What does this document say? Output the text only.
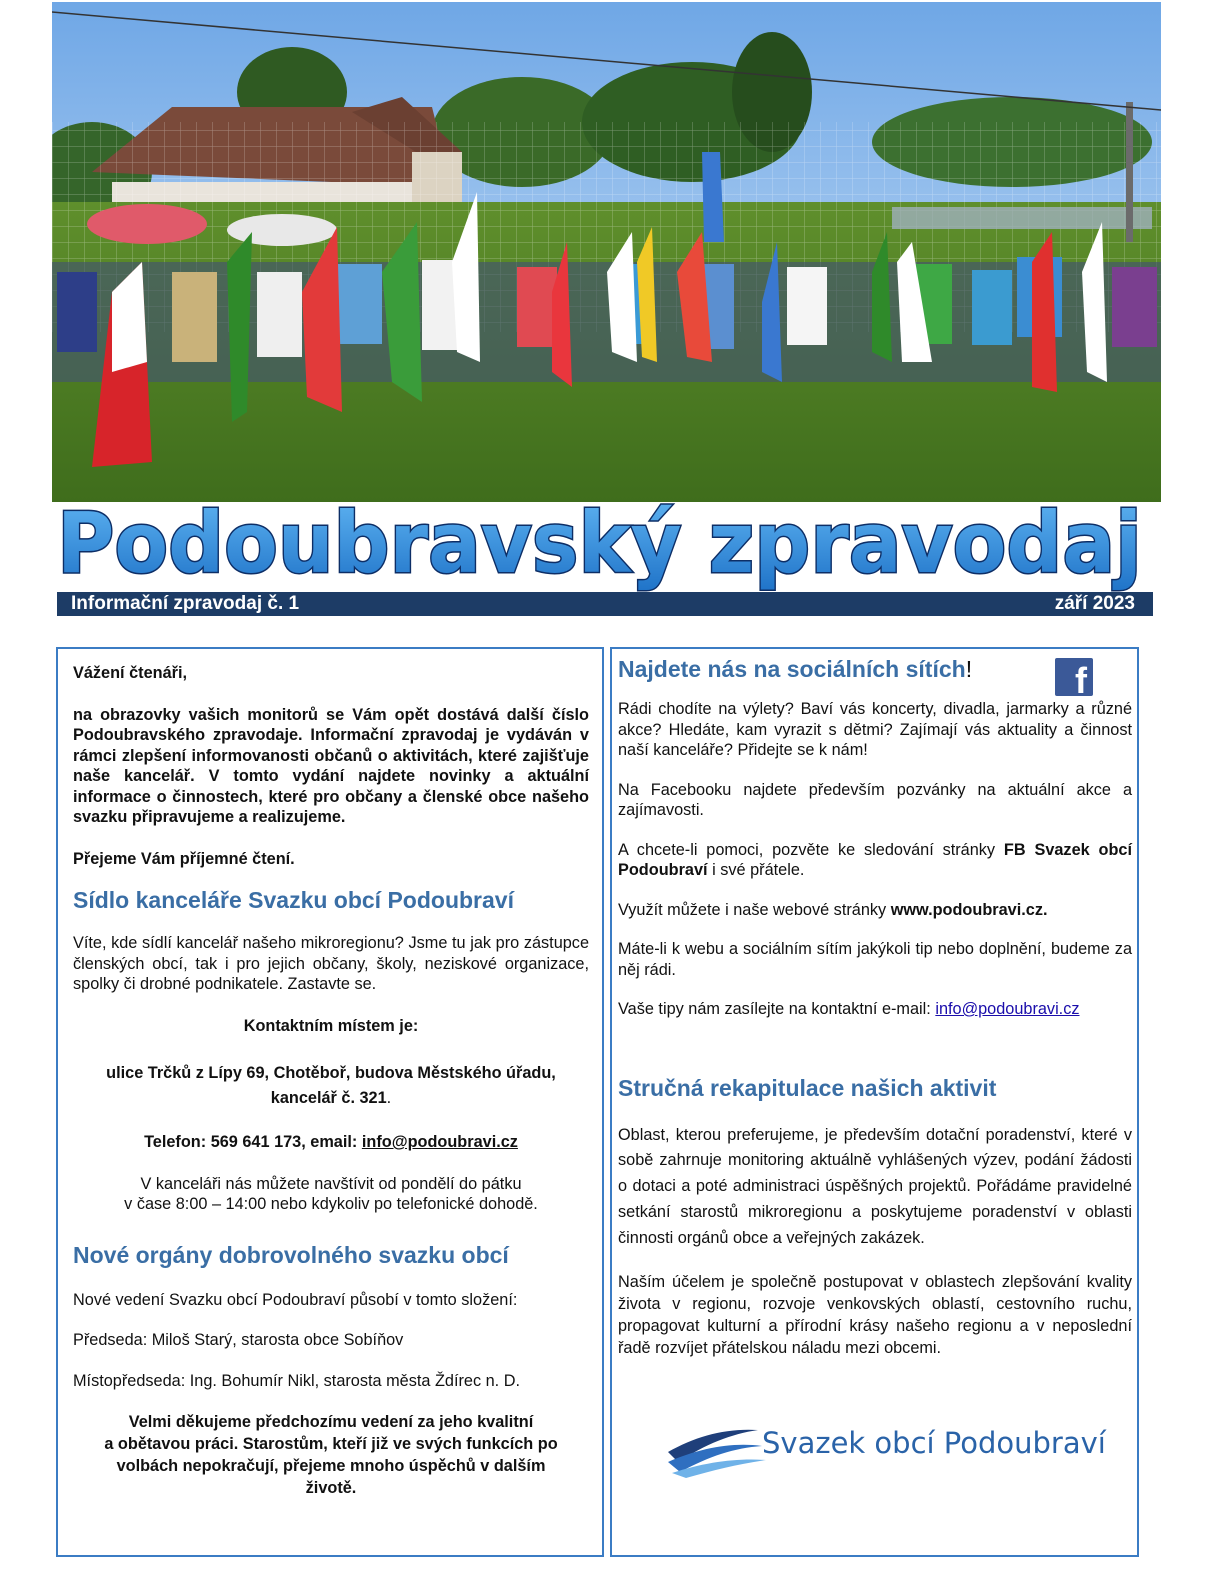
Podoubravský zpravodaj
Informační zpravodaj č. 1	září 2023

Vážení čtenáři,

na obrazovky vašich monitorů se Vám opět dostává další číslo Podoubravského zpravodaje. Informační zpravodaj je vydáván v rámci zlepšení informovanosti občanů o aktivitách, které zajišťuje naše kancelář. V tomto vydání najdete novinky a aktuální informace o činnostech, které pro občany a členské obce našeho svazku připravujeme a realizujeme.

Přejeme Vám příjemné čtení.

Sídlo kanceláře Svazku obcí Podoubraví

Víte, kde sídlí kancelář našeho mikroregionu? Jsme tu jak pro zástupce členských obcí, tak i pro jejich občany, školy, neziskové organizace, spolky či drobné podnikatele. Zastavte se.

Kontaktním místem je:

ulice Trčků z Lípy 69, Chotěboř, budova Městského úřadu,
kancelář č. 321.

Telefon: 569 641 173, email: info@podoubravi.cz

V kanceláři nás můžete navštívit od pondělí do pátku
v čase 8:00 – 14:00 nebo kdykoliv po telefonické dohodě.

Nové orgány dobrovolného svazku obcí

Nové vedení Svazku obcí Podoubraví působí v tomto složení:

Předseda: Miloš Starý, starosta obce Sobíňov

Místopředseda: Ing. Bohumír Nikl, starosta města Ždírec n. D.

Velmi děkujeme předchozímu vedení za jeho kvalitní
a obětavou práci. Starostům, kteří již ve svých funkcích po
volbách nepokračují, přejeme mnoho úspěchů v dalším
životě.

f
Najdete nás na sociálních sítích!

Rádi chodíte na výlety? Baví vás koncerty, divadla, jarmarky a různé akce? Hledáte, kam vyrazit s dětmi? Zajímají vás aktuality a činnost naší kanceláře? Přidejte se k nám!

Na Facebooku najdete především pozvánky na aktuální akce a zajímavosti.

A chcete-li pomoci, pozvěte ke sledování stránky FB Svazek obcí Podoubraví i své přátele.

Využít můžete i naše webové stránky www.podoubravi.cz.

Máte-li k webu a sociálním sítím jakýkoli tip nebo doplnění, budeme za něj rádi.

Vaše tipy nám zasílejte na kontaktní e-mail: info@podoubravi.cz

Stručná rekapitulace našich aktivit

Oblast, kterou preferujeme, je především dotační poradenství, které v sobě zahrnuje monitoring aktuálně vyhlášených výzev, podání žádosti o dotaci a poté administraci úspěšných projektů. Pořádáme pravidelné setkání starostů mikroregionu a poskytujeme poradenství v oblasti činnosti orgánů obce a veřejných zakázek.

Naším účelem je společně postupovat v oblastech zlepšování kvality života v regionu, rozvoje venkovských oblastí, cestovního ruchu, propagovat kulturní a přírodní krásy našeho regionu a v neposlední řadě rozvíjet přátelskou náladu mezi obcemi.

Svazek obcí Podoubraví
